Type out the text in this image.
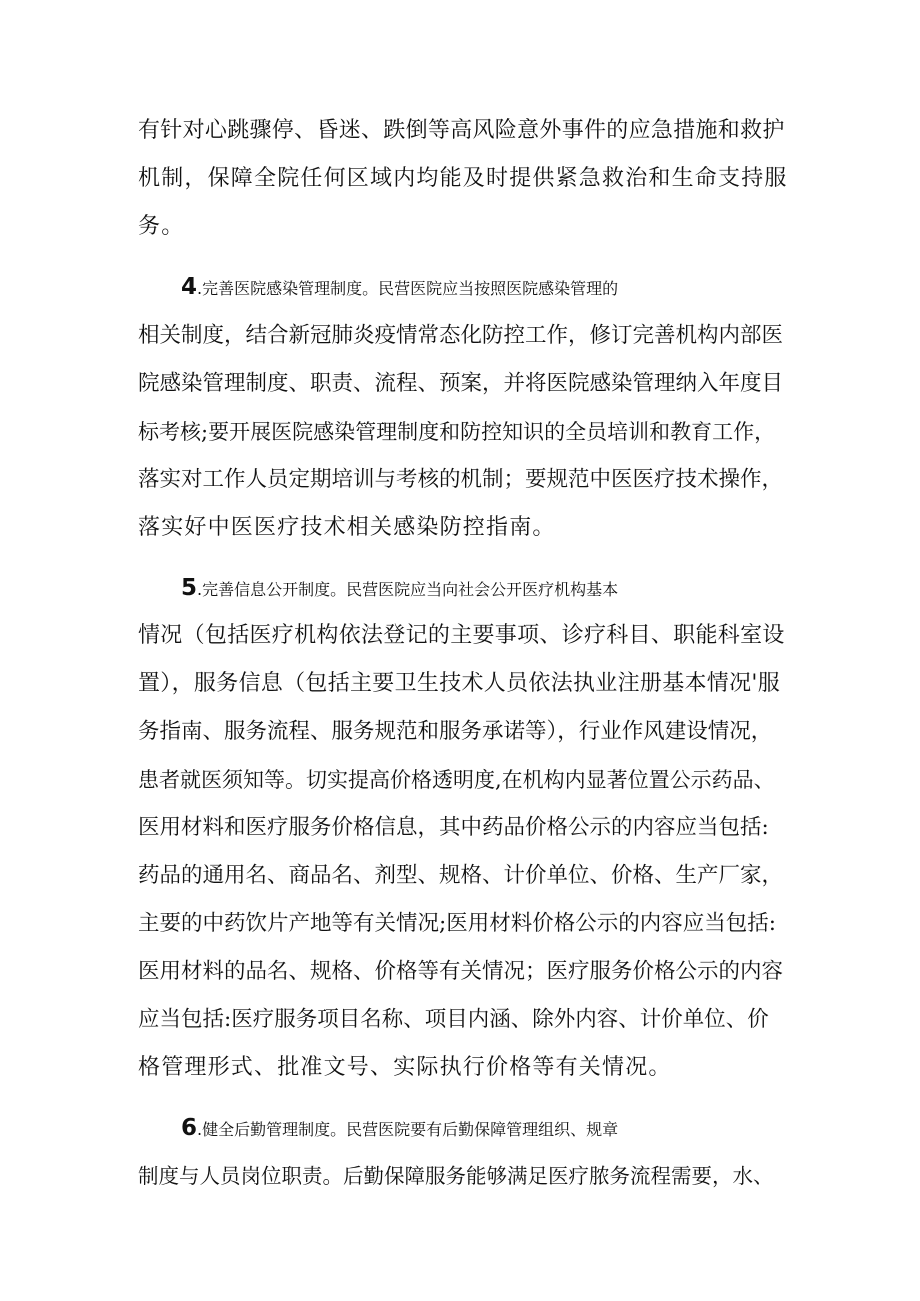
有针对心跳骤停、昏迷、跌倒等高风险意外事件的应急措施和救护
机制，保障全院任何区域内均能及时提供紧急救治和生命支持服
务。
4.完善医院感染管理制度。民营医院应当按照医院感染管理的
相关制度，结合新冠肺炎疫情常态化防控工作，修订完善机构内部医
院感染管理制度、职责、流程、预案，并将医院感染管理纳入年度目
标考核;要开展医院感染管理制度和防控知识的全员培训和教育工作，
落实对工作人员定期培训与考核的机制；要规范中医医疗技术操作，
落实好中医医疗技术相关感染防控指南。
5.完善信息公开制度。民营医院应当向社会公开医疗机构基本
情况（包括医疗机构依法登记的主要事项、诊疗科目、职能科室设
置），服务信息（包括主要卫生技术人员依法执业注册基本情况'服
务指南、服务流程、服务规范和服务承诺等），行业作风建设情况，
患者就医须知等。切实提高价格透明度,在机构内显著位置公示药品、
医用材料和医疗服务价格信息，其中药品价格公示的内容应当包括:
药品的通用名、商品名、剂型、规格、计价单位、价格、生产厂家，
主要的中药饮片产地等有关情况;医用材料价格公示的内容应当包括:
医用材料的品名、规格、价格等有关情况；医疗服务价格公示的内容
应当包括:医疗服务项目名称、项目内涵、除外内容、计价单位、价
格管理形式、批准文号、实际执行价格等有关情况。
6.健全后勤管理制度。民营医院要有后勤保障管理组织、规章
制度与人员岗位职责。后勤保障服务能够满足医疗脓务流程需要，水、
